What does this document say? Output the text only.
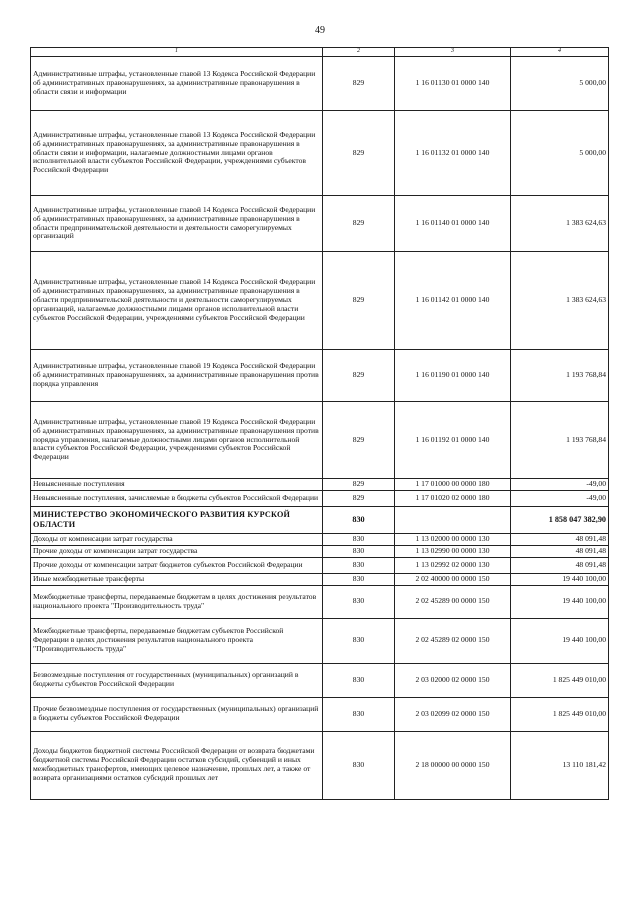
49
1	2	3	4
Административные штрафы, установленные главой 13 Кодекса Российской Федерации об административных правонарушениях, за административные правонарушения в области связи и информации	829	1 16 01130 01 0000 140	5 000,00
Административные штрафы, установленные главой 13 Кодекса Российской Федерации об административных правонарушениях, за административные правонарушения в области связи и информации, налагаемые должностными лицами органов исполнительной власти субъектов Российской Федерации, учреждениями субъектов Российской Федерации	829	1 16 01132 01 0000 140	5 000,00
Административные штрафы, установленные главой 14 Кодекса Российской Федерации об административных правонарушениях, за административные правонарушения в области предпринимательской деятельности и деятельности саморегулируемых организаций	829	1 16 01140 01 0000 140	1 383 624,63
Административные штрафы, установленные главой 14 Кодекса Российской Федерации об административных правонарушениях, за административные правонарушения в области предпринимательской деятельности и деятельности саморегулируемых организаций, налагаемые должностными лицами органов исполнительной власти субъектов Российской Федерации, учреждениями субъектов Российской Федерации	829	1 16 01142 01 0000 140	1 383 624,63
Административные штрафы, установленные главой 19 Кодекса Российской Федерации об административных правонарушениях, за административные правонарушения против порядка управления	829	1 16 01190 01 0000 140	1 193 768,84
Административные штрафы, установленные главой 19 Кодекса Российской Федерации об административных правонарушениях, за административные правонарушения против порядка управления, налагаемые должностными лицами органов исполнительной власти субъектов Российской Федерации, учреждениями субъектов Российской Федерации	829	1 16 01192 01 0000 140	1 193 768,84
Невыясненные поступления	829	1 17 01000 00 0000 180	-49,00
Невыясненные поступления, зачисляемые в бюджеты субъектов Российской Федерации	829	1 17 01020 02 0000 180	-49,00
МИНИСТЕРСТВО ЭКОНОМИЧЕСКОГО РАЗВИТИЯ КУРСКОЙ ОБЛАСТИ	830		1 858 047 382,90
Доходы от компенсации затрат государства	830	1 13 02000 00 0000 130	48 091,48
Прочие доходы от компенсации затрат государства	830	1 13 02990 00 0000 130	48 091,48
Прочие доходы от компенсации затрат бюджетов субъектов Российской Федерации	830	1 13 02992 02 0000 130	48 091,48
Иные межбюджетные трансферты	830	2 02 40000 00 0000 150	19 440 100,00
Межбюджетные трансферты, передаваемые бюджетам в целях достижения результатов национального проекта "Производительность труда"	830	2 02 45289 00 0000 150	19 440 100,00
Межбюджетные трансферты, передаваемые бюджетам субъектов Российской Федерации в целях достижения результатов национального проекта "Производительность труда"	830	2 02 45289 02 0000 150	19 440 100,00
Безвозмездные поступления от государственных (муниципальных) организаций в бюджеты субъектов Российской Федерации	830	2 03 02000 02 0000 150	1 825 449 010,00
Прочие безвозмездные поступления от государственных (муниципальных) организаций в бюджеты субъектов Российской Федерации	830	2 03 02099 02 0000 150	1 825 449 010,00
Доходы бюджетов бюджетной системы Российской Федерации от возврата бюджетами бюджетной системы Российской Федерации остатков субсидий, субвенций и иных межбюджетных трансфертов, имеющих целевое назначение, прошлых лет, а также от возврата организациями остатков субсидий прошлых лет	830	2 18 00000 00 0000 150	13 110 181,42
